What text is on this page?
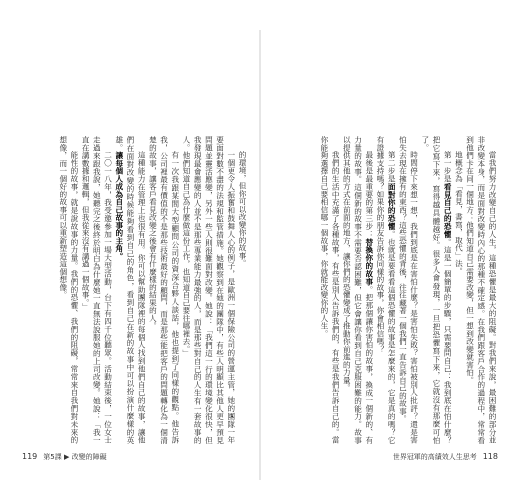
的環境，但你可以改變你的故事。

一個更令人振奮和鼓舞人心的例子，是歐洲一個保險公司的營運主管，她的團隊一年要面對數不盡的法規和監管措施。她觀察到在她的團隊中，有些人明顯比其他人更早預見問題並靈活應變，另外一些人則很難面對改變。她說：「我們這一行的環境變化很快，但我發現最會應變的人並不是那些專業能力最強的人，而是那些對自己的人生有一套故事的人。他們知道自己為什麼做這份工作，也知道自己要往哪裡去。」

有一次我跟某間大型顧問公司的資深合夥人談話，他也提到了同樣的觀點。他告訴我，公司裡最有價值的不是那些技術最好的顧問，而是那些能把客戶的問題轉化為一個清楚的故事，讓客戶看見改變之後會有什麼樣的結果的人。

這種能力在管理上也很有用。你可以幫助團隊裡的每個人找到他們自己的故事，讓他們在面對改變的時候能夠看到自己的角色，看到自己在新的故事中可以扮演什麼樣的英雄。讓每個人成為自己故事的主角。

二〇一八年，我受邀參加一場大型活動，台下有四千位聽眾。活動結束後，一位女士走過來跟我說，她聽完之後終於明白為什麼她一直無法說服她的上司改變。她說：「我一直在講數據和邏輯，但我從來沒有講過一個故事。」

能性的故事，就是說故事的力量。我們的恐懼、我們的阻礙，常常來自我們對未來的想像，而一個好的故事可以重新塑造這個想像。

119 第5課 ▶ 改變的障礙

當我們努力改變自己的人生，這種恐懼是最大的阻礙。對我們來說，最困難的部分並非改變本身，而是面對改變時內心的那種不確定感。在我們跟客戶合作的過程中，常常看到他們卡在同一個地方：他們知道自己需要改變，但一想到改變就害怕。

地概念為「看見，書寫，取代」法。

第一步是看見自己的恐懼。這是一個簡單的步驟，只需要問自己：我到底在怕什麼？把它寫下來，寫得越具體越好。很多人會發現，一旦把恐懼寫下來，它就沒有那麼可怕了。

時間停下來想一想，我們到底是在害怕什麼？是害怕失敗？害怕被別人批評？還是害怕失去現在擁有的東西？這些恐懼的背後，往往藏著一個我們一直告訴自己的故事。

第二步是面對你的恐懼。也就是要看看這個恐懼的故事是怎麼來的，它是真的嗎？它有證據支持嗎？如果你的朋友告訴你同樣的故事，你會相信嗎？

最後是最重要的第三步：替換你的故事。把那個讓你害怕的故事，換成一個新的、有力量的故事。這個新的故事不需要否認困難，但它會讓你看到自己克服困難的能力。故事以提供其他的方式在前面的地方，讓你們的恐懼變成了推動你前進的力量。

我們的生活中充滿了各種故事，有些是別人告訴我們的，有些是我們告訴自己的。當你能夠選擇自己要相信哪一個故事，你就能改變你的人生。

世界冠軍的高績效人生思考 118
